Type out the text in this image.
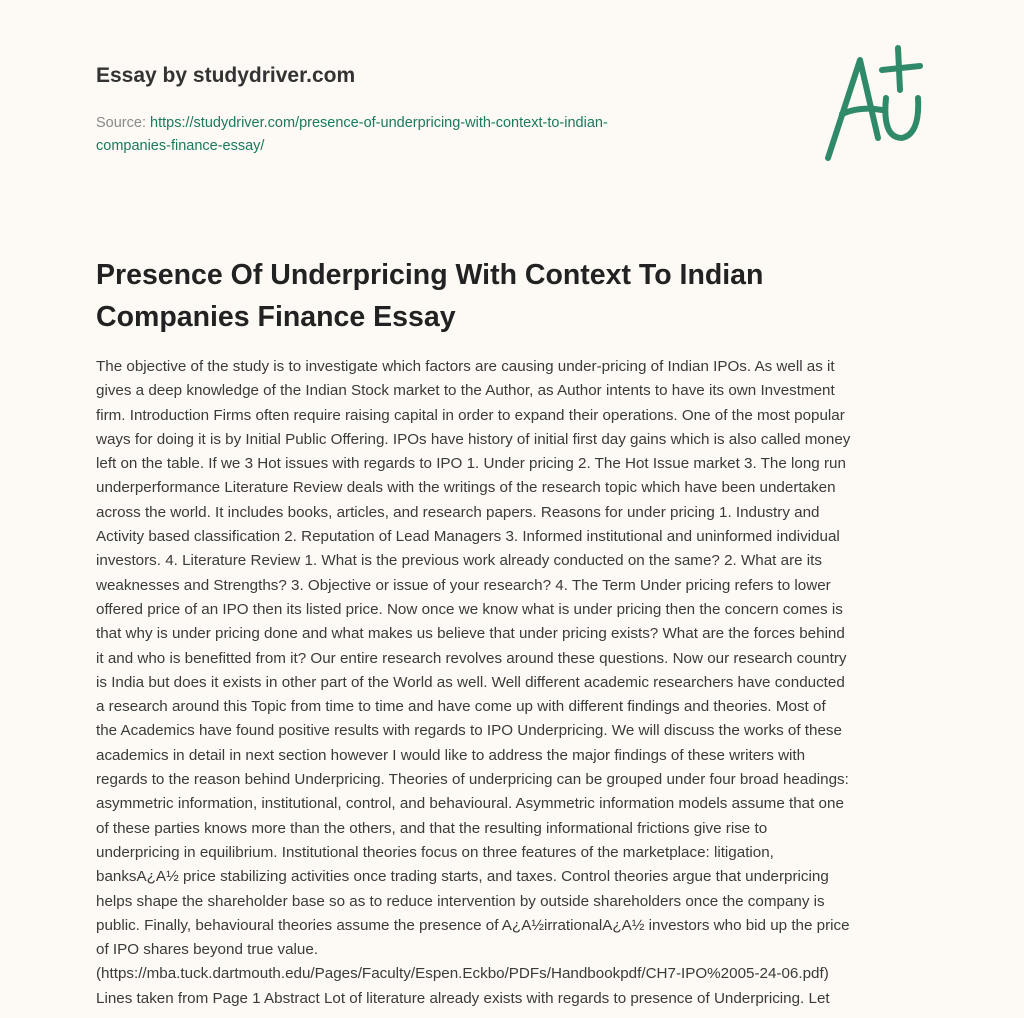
Essay by studydriver.com
Source: https://studydriver.com/presence-of-underpricing-with-context-to-indian-
companies-finance-essay/
Presence Of Underpricing With Context To Indian
Companies Finance Essay
The objective of the study is to investigate which factors are causing under-pricing of Indian IPOs. As well as it
gives a deep knowledge of the Indian Stock market to the Author, as Author intents to have its own Investment
firm. Introduction Firms often require raising capital in order to expand their operations. One of the most popular
ways for doing it is by Initial Public Offering. IPOs have history of initial first day gains which is also called money
left on the table. If we 3 Hot issues with regards to IPO 1. Under pricing 2. The Hot Issue market 3. The long run
underperformance Literature Review deals with the writings of the research topic which have been undertaken
across the world. It includes books, articles, and research papers. Reasons for under pricing 1. Industry and
Activity based classification 2. Reputation of Lead Managers 3. Informed institutional and uninformed individual
investors. 4. Literature Review 1. What is the previous work already conducted on the same? 2. What are its
weaknesses and Strengths? 3. Objective or issue of your research? 4. The Term Under pricing refers to lower
offered price of an IPO then its listed price. Now once we know what is under pricing then the concern comes is
that why is under pricing done and what makes us believe that under pricing exists? What are the forces behind
it and who is benefitted from it? Our entire research revolves around these questions. Now our research country
is India but does it exists in other part of the World as well. Well different academic researchers have conducted
a research around this Topic from time to time and have come up with different findings and theories. Most of
the Academics have found positive results with regards to IPO Underpricing. We will discuss the works of these
academics in detail in next section however I would like to address the major findings of these writers with
regards to the reason behind Underpricing. Theories of underpricing can be grouped under four broad headings:
asymmetric information, institutional, control, and behavioural. Asymmetric information models assume that one
of these parties knows more than the others, and that the resulting informational frictions give rise to
underpricing in equilibrium. Institutional theories focus on three features of the marketplace: litigation,
banksA¿A½ price stabilizing activities once trading starts, and taxes. Control theories argue that underpricing
helps shape the shareholder base so as to reduce intervention by outside shareholders once the company is
public. Finally, behavioural theories assume the presence of A¿A½irrationalA¿A½ investors who bid up the price
of IPO shares beyond true value.
(https://mba.tuck.dartmouth.edu/Pages/Faculty/Espen.Eckbo/PDFs/Handbookpdf/CH7-IPO%2005-24-06.pdf)
Lines taken from Page 1 Abstract Lot of literature already exists with regards to presence of Underpricing. Let
